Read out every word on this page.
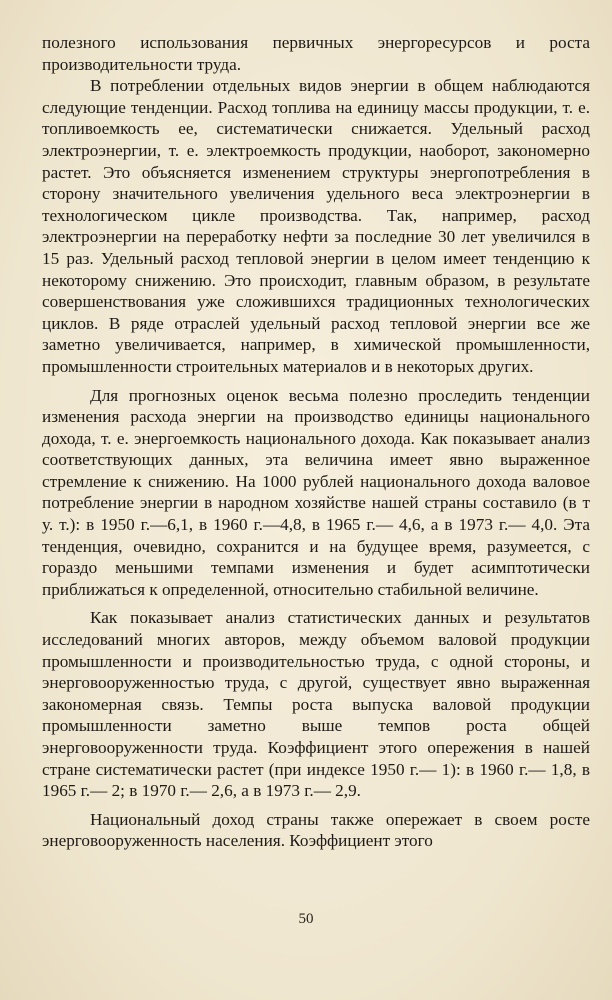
полезного использования первичных энергоресурсов и роста производительности труда.

В потреблении отдельных видов энергии в общем наблюдаются следующие тенденции. Расход топлива на единицу массы продукции, т. е. топливоемкость ее, систематически снижается. Удельный расход электроэнергии, т. е. электроемкость продукции, наоборот, закономерно растет. Это объясняется изменением структуры энергопотребления в сторону значительного увеличения удельного веса электроэнергии в технологическом цикле производства. Так, например, расход электроэнергии на переработку нефти за последние 30 лет увеличился в 15 раз. Удельный расход тепловой энергии в целом имеет тенденцию к некоторому снижению. Это происходит, главным образом, в результате совершенствования уже сложившихся традиционных технологических циклов. В ряде отраслей удельный расход тепловой энергии все же заметно увеличивается, например, в химической промышленности, промышленности строительных материалов и в некоторых других.

Для прогнозных оценок весьма полезно проследить тенденции изменения расхода энергии на производство единицы национального дохода, т. е. энергоемкость национального дохода. Как показывает анализ соответствующих данных, эта величина имеет явно выраженное стремление к снижению. На 1000 рублей национального дохода валовое потребление энергии в народном хозяйстве нашей страны составило (в т у. т.): в 1950 г.—6,1, в 1960 г.—4,8, в 1965 г.— 4,6, а в 1973 г.— 4,0. Эта тенденция, очевидно, сохранится и на будущее время, разумеется, с гораздо меньшими темпами изменения и будет асимптотически приближаться к определенной, относительно стабильной величине.

Как показывает анализ статистических данных и результатов исследований многих авторов, между объемом валовой продукции промышленности и производительностью труда, с одной стороны, и энерговооруженностью труда, с другой, существует явно выраженная закономерная связь. Темпы роста выпуска валовой продукции промышленности заметно выше темпов роста общей энерговооруженности труда. Коэффициент этого опережения в нашей стране систематически растет (при индексе 1950 г.— 1): в 1960 г.— 1,8, в 1965 г.— 2; в 1970 г.— 2,6, а в 1973 г.— 2,9.

Национальный доход страны также опережает в своем росте энерговооруженность населения. Коэффициент этого

50
